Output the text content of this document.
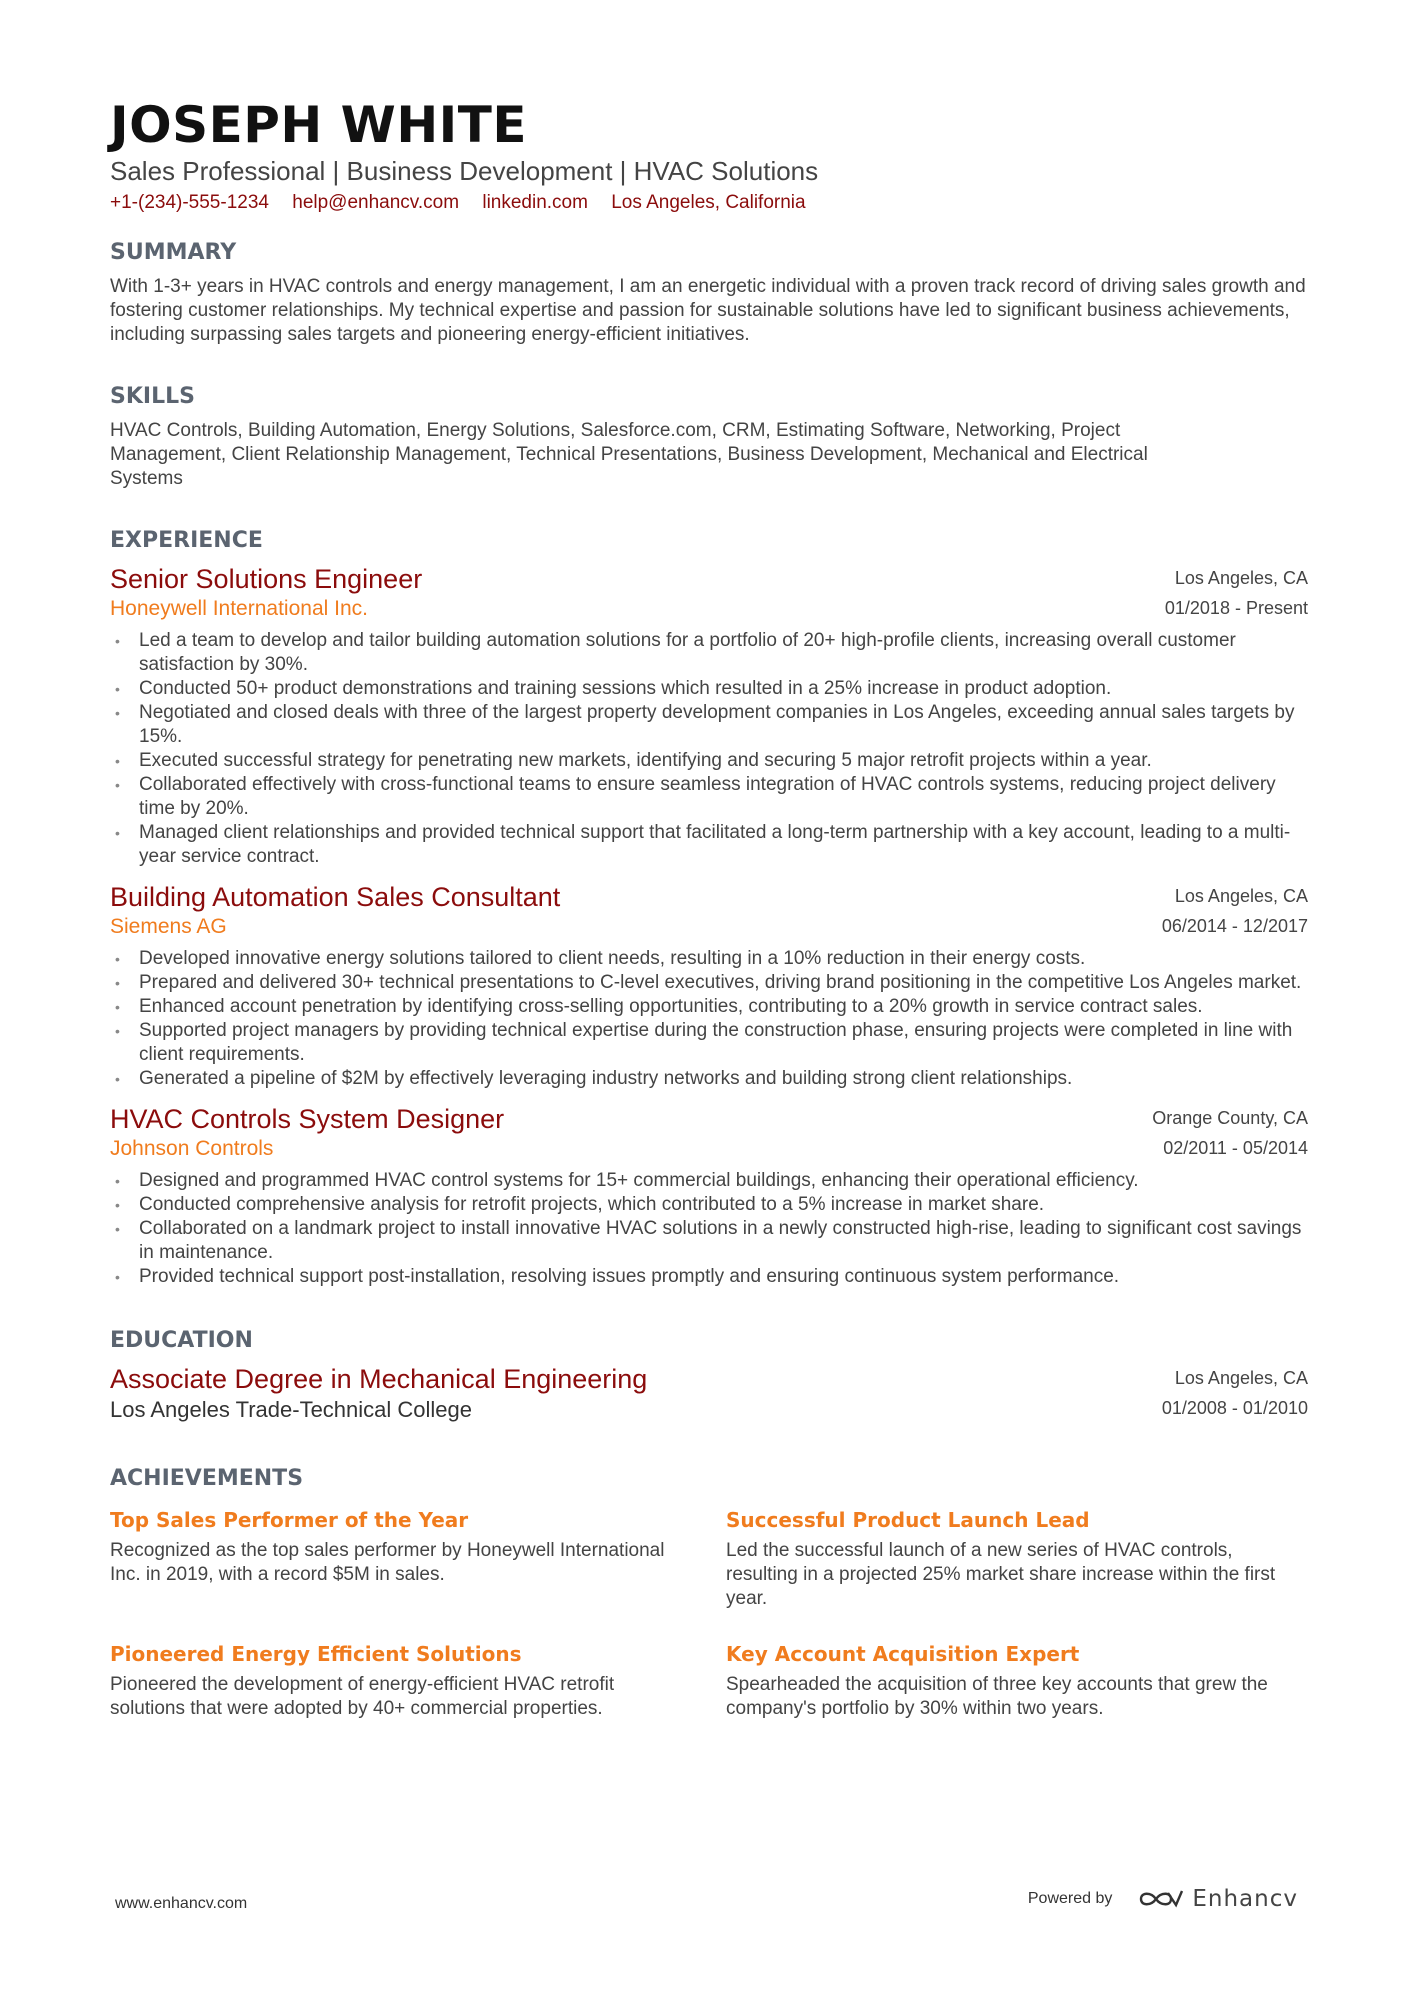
JOSEPH WHITE
Sales Professional | Business Development | HVAC Solutions
+1-(234)-555-1234 help@enhancv.com linkedin.com Los Angeles, California
SUMMARY

With 1-3+ years in HVAC controls and energy management, I am an energetic individual with a proven track record of driving sales growth and fostering customer relationships. My technical expertise and passion for sustainable solutions have led to significant business achievements, including surpassing sales targets and pioneering energy-efficient initiatives.

SKILLS

HVAC Controls, Building Automation, Energy Solutions, Salesforce.com, CRM, Estimating Software, Networking, Project Management, Client Relationship Management, Technical Presentations, Business Development, Mechanical and Electrical Systems

EXPERIENCE
Senior Solutions Engineer
Honeywell International Inc.
Los Angeles, CA
01/2018 - Present
• Led a team to develop and tailor building automation solutions for a portfolio of 20+ high-profile clients, increasing overall customer satisfaction by 30%.
• Conducted 50+ product demonstrations and training sessions which resulted in a 25% increase in product adoption.
• Negotiated and closed deals with three of the largest property development companies in Los Angeles, exceeding annual sales targets by 15%.
• Executed successful strategy for penetrating new markets, identifying and securing 5 major retrofit projects within a year.
• Collaborated effectively with cross-functional teams to ensure seamless integration of HVAC controls systems, reducing project delivery time by 20%.
• Managed client relationships and provided technical support that facilitated a long-term partnership with a key account, leading to a multi-year service contract.
Building Automation Sales Consultant
Siemens AG
Los Angeles, CA
06/2014 - 12/2017
• Developed innovative energy solutions tailored to client needs, resulting in a 10% reduction in their energy costs.
• Prepared and delivered 30+ technical presentations to C-level executives, driving brand positioning in the competitive Los Angeles market.
• Enhanced account penetration by identifying cross-selling opportunities, contributing to a 20% growth in service contract sales.
• Supported project managers by providing technical expertise during the construction phase, ensuring projects were completed in line with client requirements.
• Generated a pipeline of $2M by effectively leveraging industry networks and building strong client relationships.
HVAC Controls System Designer
Johnson Controls
Orange County, CA
02/2011 - 05/2014
• Designed and programmed HVAC control systems for 15+ commercial buildings, enhancing their operational efficiency.
• Conducted comprehensive analysis for retrofit projects, which contributed to a 5% increase in market share.
• Collaborated on a landmark project to install innovative HVAC solutions in a newly constructed high-rise, leading to significant cost savings in maintenance.
• Provided technical support post-installation, resolving issues promptly and ensuring continuous system performance.
EDUCATION
Associate Degree in Mechanical Engineering
Los Angeles Trade-Technical College
Los Angeles, CA
01/2008 - 01/2010
ACHIEVEMENTS
Top Sales Performer of the Year
Recognized as the top sales performer by Honeywell International Inc. in 2019, with a record $5M in sales.
Successful Product Launch Lead
Led the successful launch of a new series of HVAC controls, resulting in a projected 25% market share increase within the first year.
Pioneered Energy Efficient Solutions
Pioneered the development of energy-efficient HVAC retrofit solutions that were adopted by 40+ commercial properties.
Key Account Acquisition Expert
Spearheaded the acquisition of three key accounts that grew the company's portfolio by 30% within two years.
www.enhancv.com	Powered by	Enhancv
